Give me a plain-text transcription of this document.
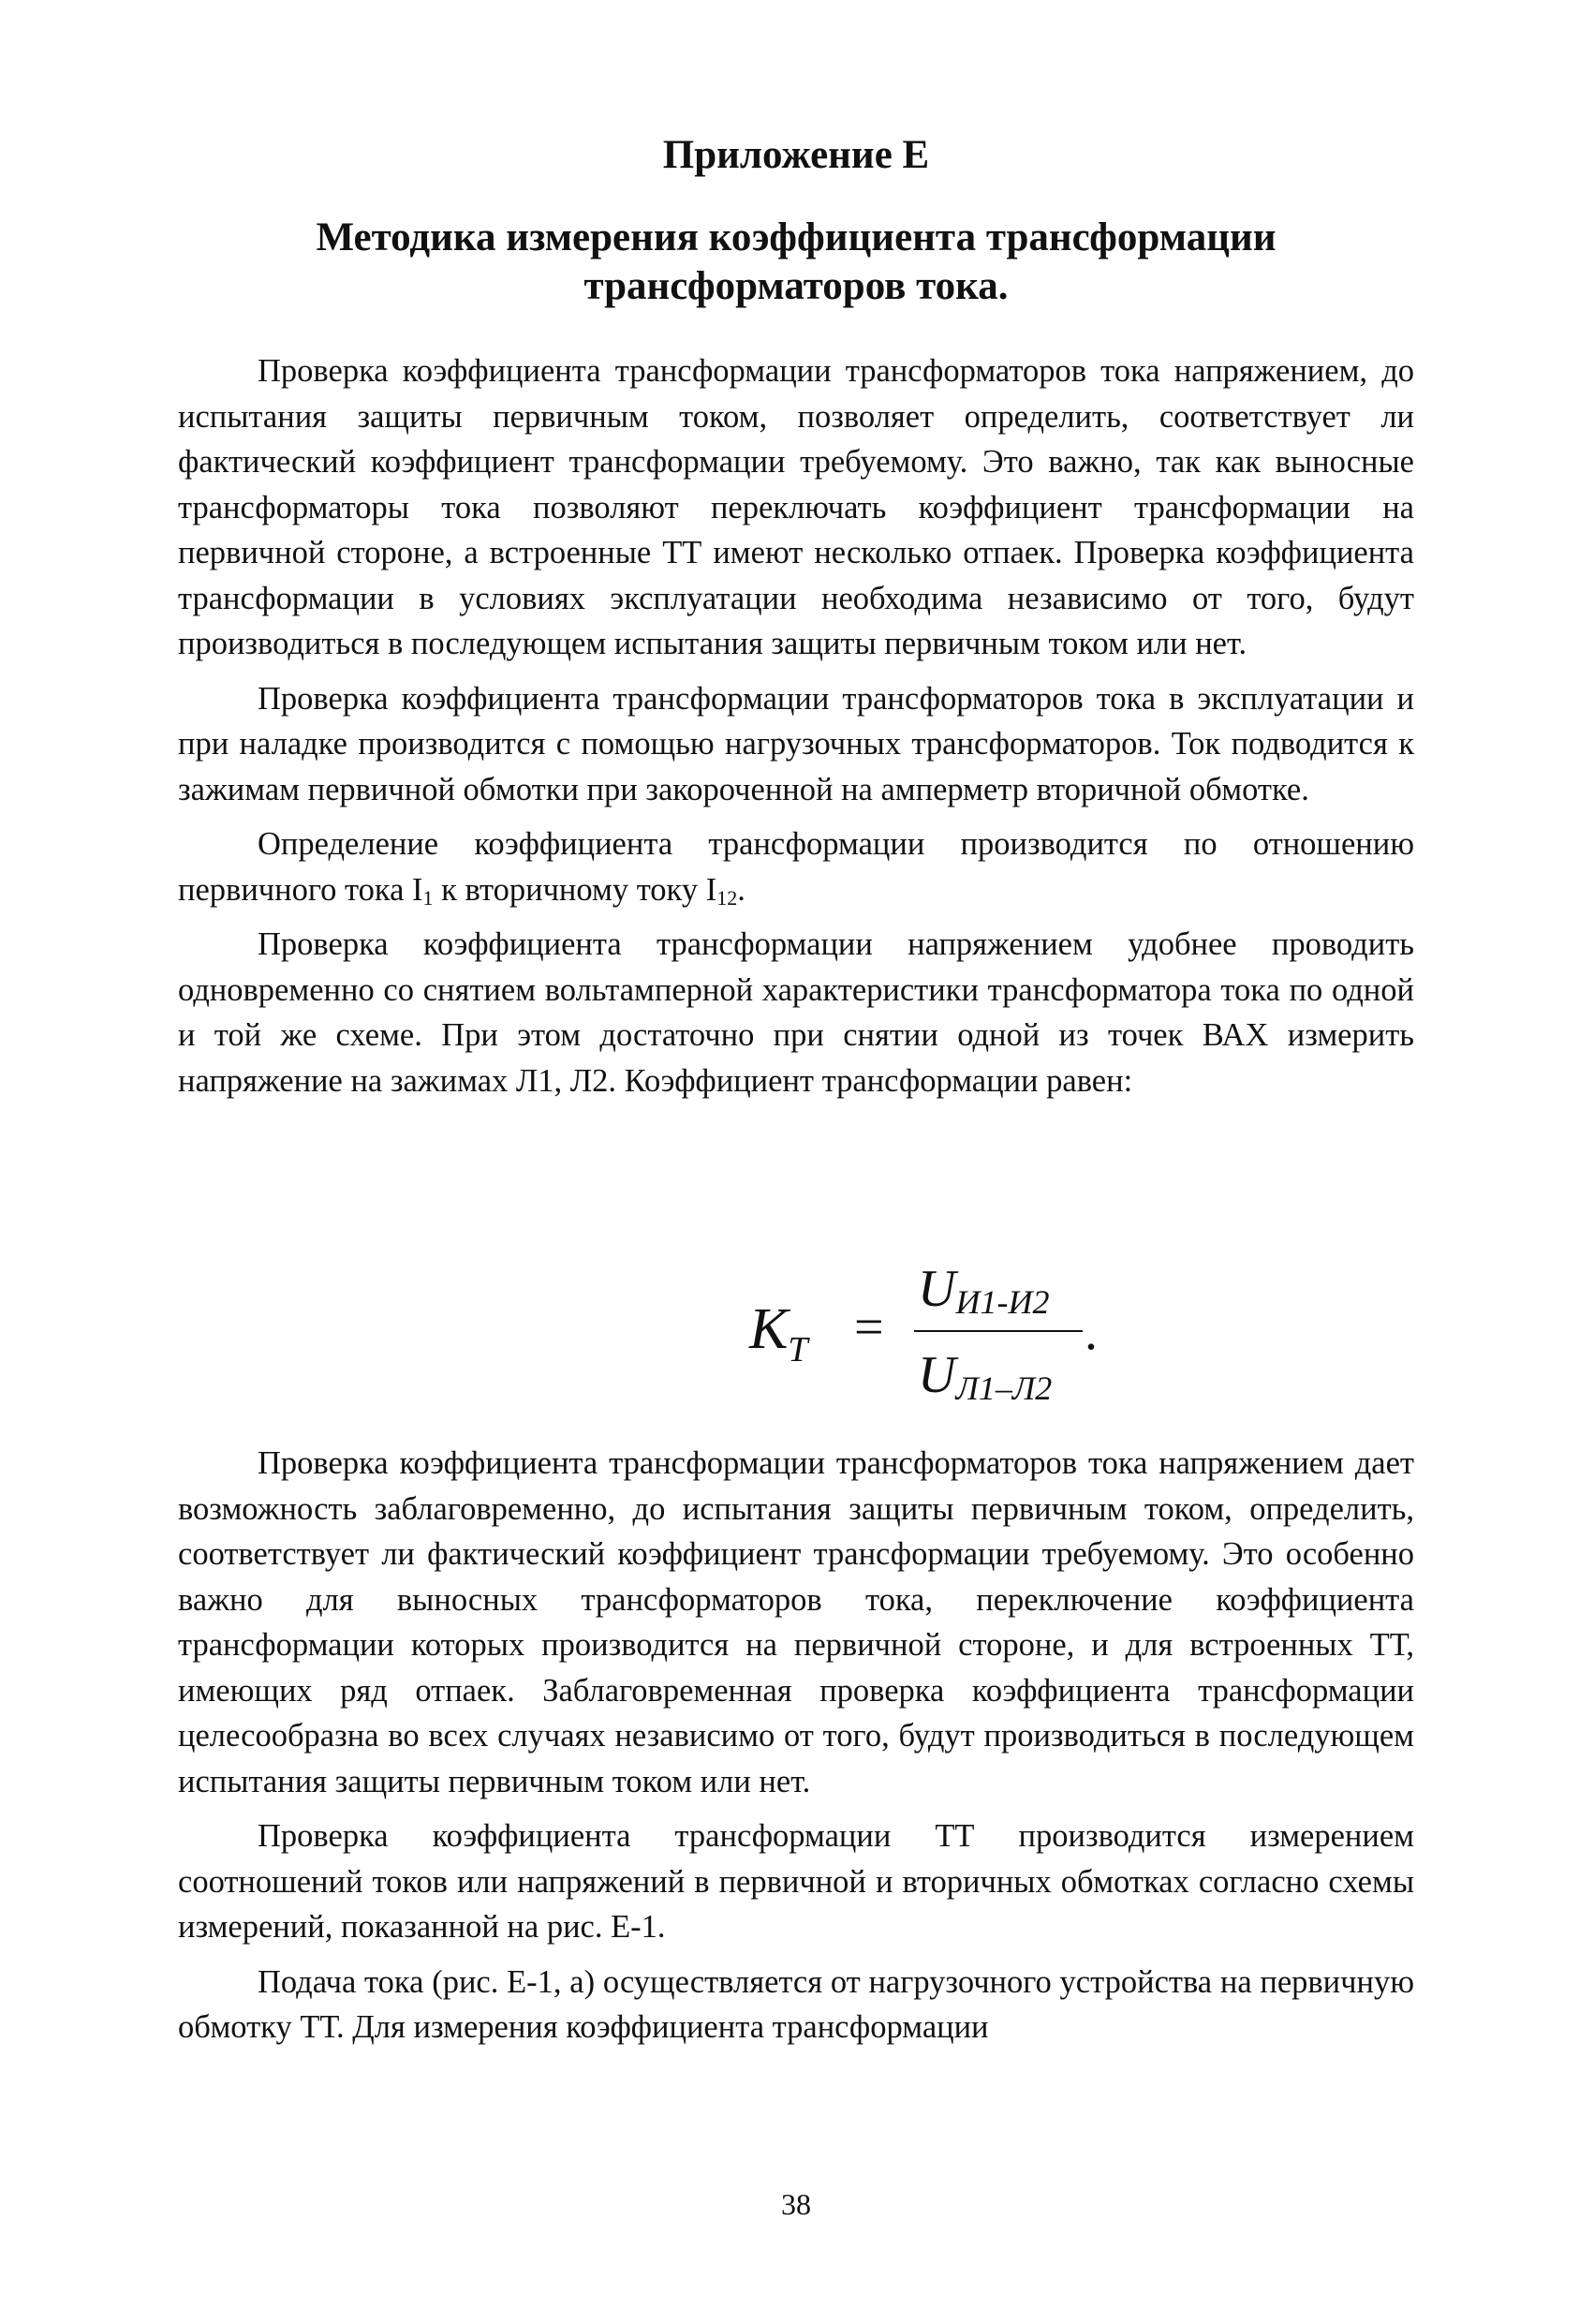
Приложение Е
Методика измерения коэффициента трансформации
трансформаторов тока.

Проверка коэффициента трансформации трансформаторов тока напряжением, до испытания защиты первичным током, позволяет определить, соответствует ли фактический коэффициент трансформации требуемому. Это важно, так как выносные трансформаторы тока позволяют переключать коэффициент трансформации на первичной стороне, а встроенные ТТ имеют несколько отпаек. Проверка коэффициента трансформации в условиях эксплуатации необходима независимо от того, будут производиться в последующем испытания защиты первичным током или нет.

Проверка коэффициента трансформации трансформаторов тока в эксплуатации и при наладке производится с помощью нагрузочных трансформаторов. Ток подводится к зажимам первичной обмотки при закороченной на амперметр вторичной обмотке.

Определение коэффициента трансформации производится по отношению первичного тока $I_1$ к вторичному току $I_{12}$.

Проверка коэффициента трансформации напряжением удобнее проводить одновременно со снятием вольтамперной характеристики трансформатора тока по одной и той же схеме. При этом достаточно при снятии одной из точек ВАХ измерить напряжение на зажимах Л1, Л2. Коэффициент трансформации равен:

$K_T$ =
UИ1-И2
UЛ1–Л2
.

Проверка коэффициента трансформации трансформаторов тока напряжением дает возможность заблаговременно, до испытания защиты первичным током, определить, соответствует ли фактический коэффициент трансформации требуемому. Это особенно важно для выносных трансформаторов тока, переключение коэффициента трансформации которых производится на первичной стороне, и для встроенных ТТ, имеющих ряд отпаек. Заблаговременная проверка коэффициента трансформации целесообразна во всех случаях независимо от того, будут производиться в последующем испытания защиты первичным током или нет.

Проверка коэффициента трансформации ТТ производится измерением соотношений токов или напряжений в первичной и вторичных обмотках согласно схемы измерений, показанной на рис. Е-1.

Подача тока (рис. Е-1, а) осуществляется от нагрузочного устройства на первичную обмотку ТТ. Для измерения коэффициента трансформации

38
